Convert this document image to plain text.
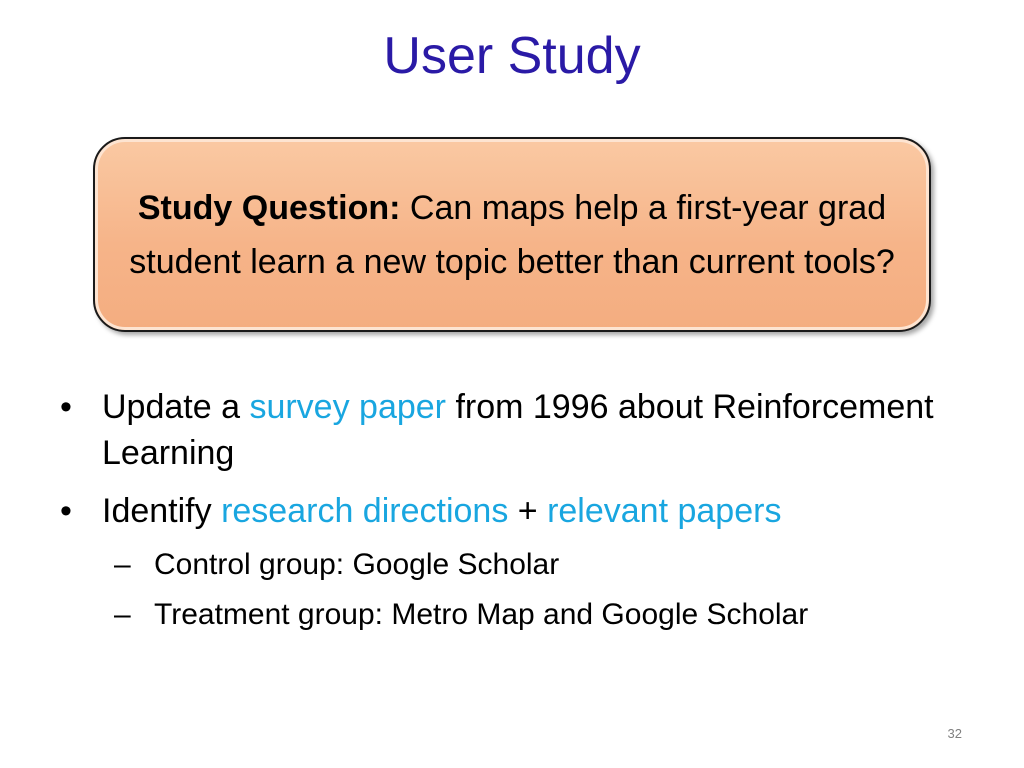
User Study
Study Question: Can maps help a first-year grad student learn a new topic better than current tools?
• Update a survey paper from 1996 about Reinforcement Learning
• Identify research directions + relevant papers
– Control group: Google Scholar
– Treatment group: Metro Map and Google Scholar
32
